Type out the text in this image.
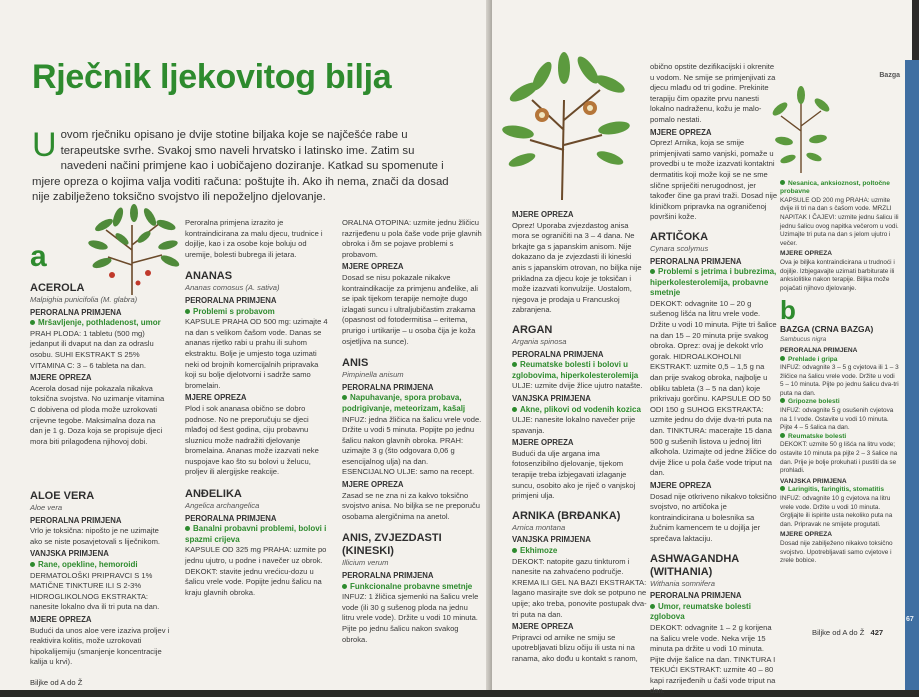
Rječnik ljekovitog bilja
U ovom rječniku opisano je dvije stotine biljaka koje se najčešće rabe u terapeutske svrhe. Svakoj smo naveli hrvatsko i latinsko ime. Zatim su navedeni načini primjene kao i uobičajeno doziranje. Katkad su spomenute i mjere opreza o kojima valja voditi računa: poštujte ih. Ako ih nema, znači da dosad nije zabilježeno toksično svojstvo ili nepoželjno djelovanje.
a
ACEROLA
Malpighia punicifolia (M. glabra)
PERORALNA PRIMJENA
Mršavljenje, pothladenost, umor

PRAH PLODA: 1 tabletu (500 mg) jedanput ili dvaput na dan za odraslu osobu. SUHI EKSTRAKT S 25% VITAMINA C: 3 – 6 tableta na dan.

MJERE OPREZA

Acerola dosad nije pokazala nikakva toksična svojstva. No uzimanje vitamina C dobivena od ploda može uzrokovati crijevne tegobe. Maksimalna doza na dan je 1 g. Doza koja se propisuje djeci mora biti prilagođena njihovoj dobi.

ALOE VERA
Aloe vera
PERORALNA PRIMJENA

Vrlo je toksična: nipošto je ne uzimajte ako se niste posavjetovali s liječnikom.

VANJSKA PRIMJENA
Rane, opekline, hemoroidi

DERMATOLOŠKI PRIPRAVCI S 1% MATIČNE TINKTURE ILI S 2-3% HIDROGLIKOLNOG EKSTRAKTA: nanesite lokalno dva ili tri puta na dan.

MJERE OPREZA

Budući da unos aloe vere izaziva proljev i reaktivira kolitis, može uzrokovati hipokalijemiju (smanjenje koncentracije kalija u krvi).

Peroralna primjena izrazito je kontraindicirana za malu djecu, trudnice i dojilje, kao i za osobe koje boluju od uremije, bolesti bubrega ili jetara.

ANANAS
Ananas comosus (A. sativa)
PERORALNA PRIMJENA
Problemi s probavom

KAPSULE PRAHA OD 500 mg: uzimajte 4 na dan s velikom čašom vode. Danas se ananas rijetko rabi u prahu ili suhom ekstraktu. Bolje je umjesto toga uzimati neki od brojnih komercijalnih pripravaka koji su bolje djelotvorni i sadrže samo bromelain.

MJERE OPREZA

Plod i sok ananasa obično se dobro podnose. No ne preporučuju se djeci mlađoj od šest godina, ciju probavnu sluznicu može nadražiti djelovanje bromelaina. Ananas može izazvati neke nuspojave kao što su bolovi u želucu, proljev ili alergijske reakcije.

ANĐELIKA
Angelica archangelica
PERORALNA PRIMJENA
Banalni probavni problemi, bolovi i spazmi crijeva

KAPSULE OD 325 mg PRAHA: uzmite po jednu ujutro, u podne i navečer uz obrok. DEKOKT: stavite jednu vrećicu-dozu u šalicu vrele vode. Popijte jednu šalicu na kraju glavnih obroka.

ORALNA OTOPINA: uzmite jednu žličicu razrijeđenu u pola čaše vode prije glavnih obroka i ðm se pojave problemi s probavom.

MJERE OPREZA

Dosad se nisu pokazale nikakve kontraindikacije za primjenu anđelike, ali se ipak tijekom terapije nemojte dugo izlagati suncu i ultraljubičastim zrakama (opasnost od fotodermitisa – eritema, prurigo i urtikarije – u osoba čija je koža osjetljiva na sunce).

ANIS
Pimpinella anisum
PERORALNA PRIMJENA
Napuhavanje, spora probava, podrigivanje, meteorizam, kašalj

INFUZ: jedna žličica na šalicu vrele vode. Držite u vodi 5 minuta. Popijte po jednu šalicu nakon glavnih obroka. PRAH: uzimajte 3 g (što odgovara 0,06 g esencijalnog ulja) na dan. ESENCIJALNO ULJE: samo na recept.

MJERE OPREZA

Zasad se ne zna ni za kakvo toksično svojstvo anisa. No biljka se ne preporuču osobama alergičnima na anetol.

ANIS, ZVJEZDASTI (KINESKI)
Illicium verum
PERORALNA PRIMJENA
Funkcionalne probavne smetnje

INFUZ: 1 žličica sjemenki na šalicu vrele vode (ili 30 g sušenog ploda na jednu litru vrele vode). Držite u vodi 10 minuta. Pijte po jednu šalicu nakon svakog obroka.

Biljke od A do Ž
MJERE OPREZA

Oprez! Uporaba zvjezdastog anisa mora se ograničiti na 3 – 4 dana. Ne brkajte ga s japanskim anisom. Nije dokazano da je zvjezdasti ili kineski anis s japanskim otrovan, no biljka nije prikladna za djecu koje je toksičan i može izazvati konvulzije. Uostalom, njegova je prodaja u Francuskoj zabranjena.

ARGAN
Argania spinosa
PERORALNA PRIMJENA
Reumatske bolesti i bolovi u zglobovima, hiperkolesterolemija

ULJE: uzmite dvije žlice ujutro natašte.

VANJSKA PRIMJENA
Akne, plikovi od vodenih kozica

ULJE: nanesite lokalno navečer prije spavanja.

MJERE OPREZA

Budući da ulje argana ima fotosenzibilno djelovanje, tijekom terapije treba izbjegavati izlaganje suncu, osobito ako je riječ o vanjskoj primjeni ulja.

ARNIKA (BRĐANKA)
Arnica montana
VANJSKA PRIMJENA
Ekhimoze

DEKOKT: natopite gazu tinkturom i nanesite na zahvaćeno područje. KREMA ILI GEL NA BAZI EKSTRAKTA: lagano masirajte sve dok se potpuno ne upije; ako treba, ponovite postupak dva-tri puta na dan.

MJERE OPREZA

Pripravci od arnike ne smiju se upotrebljavati blizu očiju ili usta ni na ranama, ako dođu u kontakt s ranom,

obično opstite dezifikacijski i okrenite u vodom. Ne smije se primjenjivati za djecu mlađu od tri godine. Prekinite terapiju čim opazite prvu nanesti lokalno nadraženu, kožu je malo-pomalo nestati.

MJERE OPREZA

Oprez! Arnika, koja se smije primjenjivati samo vanjski, pomaže u provedbi u te može izazvati kontaktni dermatitis koji može koji se ne sme slične spriječiti nerugodnost, jer također čine ga pravi traži. Dosad nije kliničkom pripravka na ograničenoj površini kože.

ARTIČOKA
Cynara scolymus
PERORALNA PRIMJENA
Problemi s jetrima i bubrezima, hiperkolesterolemija, probavne smetnje

DEKOKT: odvagnite 10 – 20 g sušenog lišća na litru vrele vode. Držite u vodi 10 minuta. Pijte tri šalice na dan 15 – 20 minuta prije svakog obroka. Oprez: ovaj je dekokt vrlo gorak. HIDROALKOHOLNI EKSTRAKT: uzmite 0,5 – 1,5 g na dan prije svakog obroka, najbolje u obliku tableta (3 – 5 na dan) koje prikrivaju gorčinu. KAPSULE OD 50 ODI 150 g SUHOG EKSTRAKTA: uzmite jednu do dvije dva-tri puta na dan. TINKTURA: macerajte 15 dana 500 g sušenih listova u jednoj litri alkohola. Uzimajte od jedne žličice do dvije žlice u pola čaše vode triput na dan.

MJERE OPREZA

Dosad nije otkriveno nikakvo toksično svojstvo, no artičoka je kontraindicirana u bolesnika sa žučnim kamencem te u dojilja jer sprečava laktaciju.

ASHWAGANDHA (WITHANIA)
Withania somnifera
PERORALNA PRIMJENA
Umor, reumatske bolesti zglobova

DEKOKT: odvagnite 1 – 2 g korijena na šalicu vrele vode. Neka vrije 15 minuta pa držite u vodi 10 minuta. Pijte dvije šalice na dan. TINKTURA I TEKUĆI EKSTRAKT: uzmite 40 – 80 kapi razrijeđenih u čaši vode triput na dan.

Bazga
Nesanica, anksioznost, poltočne probavne

KAPSULE OD 200 mg PRAHA: uzmite dvije ili tri na dan s čašom vode. MRZLI NAPITAK I ČAJEVI: uzmite jednu šalicu ili jednu šalicu ovog napitka večerom u vodi. Uzimajte tri puta na dan s jelom ujutro i večer.

MJERE OPREZA

Ova je biljka kontraindicirana u trudnoći i dojilje. Izbjegavajte uzimati barbiturate ili anksiolitike nakon terapije. Biljka može pojačati njihovo djelovanje.

b
BAZGA (CRNA BAZGA)
Sambucus nigra
PERORALNA PRIMJENA
Prehlade i gripa

INFUZ: odvagnite 3 – 5 g cvjetova ili 1 – 3 žličice na šalicu vrele vode. Držite u vodi 5 – 10 minuta. Pijte po jednu šalicu dva-tri puta na dan.

Gripozne bolesti

INFUZ: odvagnite 5 g osušenih cvjetova na 1 l vode. Ostavite u vodi 10 minuta. Pijte 4 – 5 šalica na dan.

Reumatske bolesti

DEKOKT: uzmite 50 g lišća na litru vode; ostavite 10 minuta pa pijte 2 – 3 šalice na dan. Prije je bolje prokuhati i pustiti da se prohladi.

VANJSKA PRIMJENA
Laringitis, faringitis, stomatitis

INFUZ: odvagnite 10 g cvjetova na litru vrele vode. Držite u vodi 10 minuta. Grgljajte ili ispirite usta nekoliko puta na dan. Pripravak ne smijete progutati.

MJERE OPREZA

Dosad nije zabilježeno nikakvo toksično svojstvo. Upotrebljavati samo cvjetove i zrele bobice.

Biljke od A do Ž 427
67
